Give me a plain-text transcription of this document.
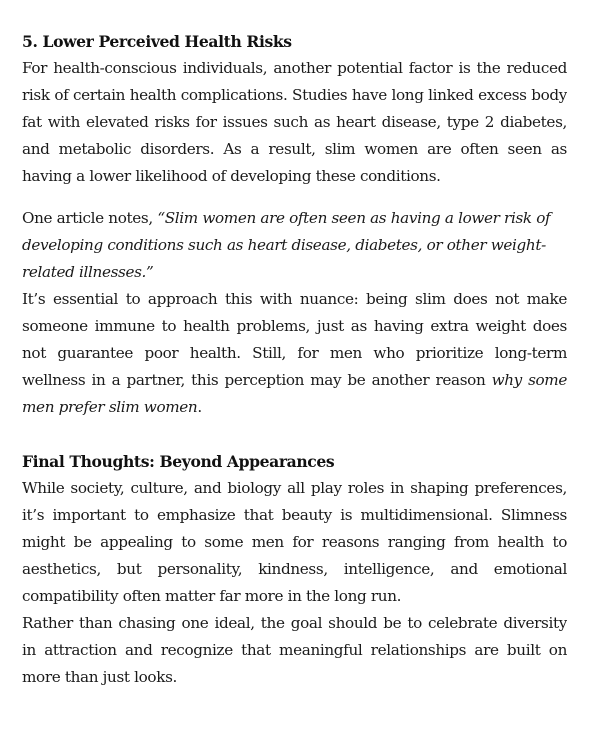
5. Lower Perceived Health Risks

For health-conscious individuals, another potential factor is the reduced risk of certain health complications. Studies have long linked excess body fat with elevated risks for issues such as heart disease, type 2 diabetes, and metabolic disorders. As a result, slim women are often seen as having a lower likelihood of developing these conditions.

One article notes, “Slim women are often seen as having a lower risk of
developing conditions such as heart disease, diabetes, or other weight-
related illnesses.”

It’s essential to approach this with nuance: being slim does not make someone immune to health problems, just as having extra weight does not guarantee poor health. Still, for men who prioritize long-term wellness in a partner, this perception may be another reason why some men prefer slim women.

Final Thoughts: Beyond Appearances

While society, culture, and biology all play roles in shaping preferences, it’s important to emphasize that beauty is multidimensional. Slimness might be appealing to some men for reasons ranging from health to aesthetics, but personality, kindness, intelligence, and emotional compatibility often matter far more in the long run.

Rather than chasing one ideal, the goal should be to celebrate diversity in attraction and recognize that meaningful relationships are built on more than just looks.
